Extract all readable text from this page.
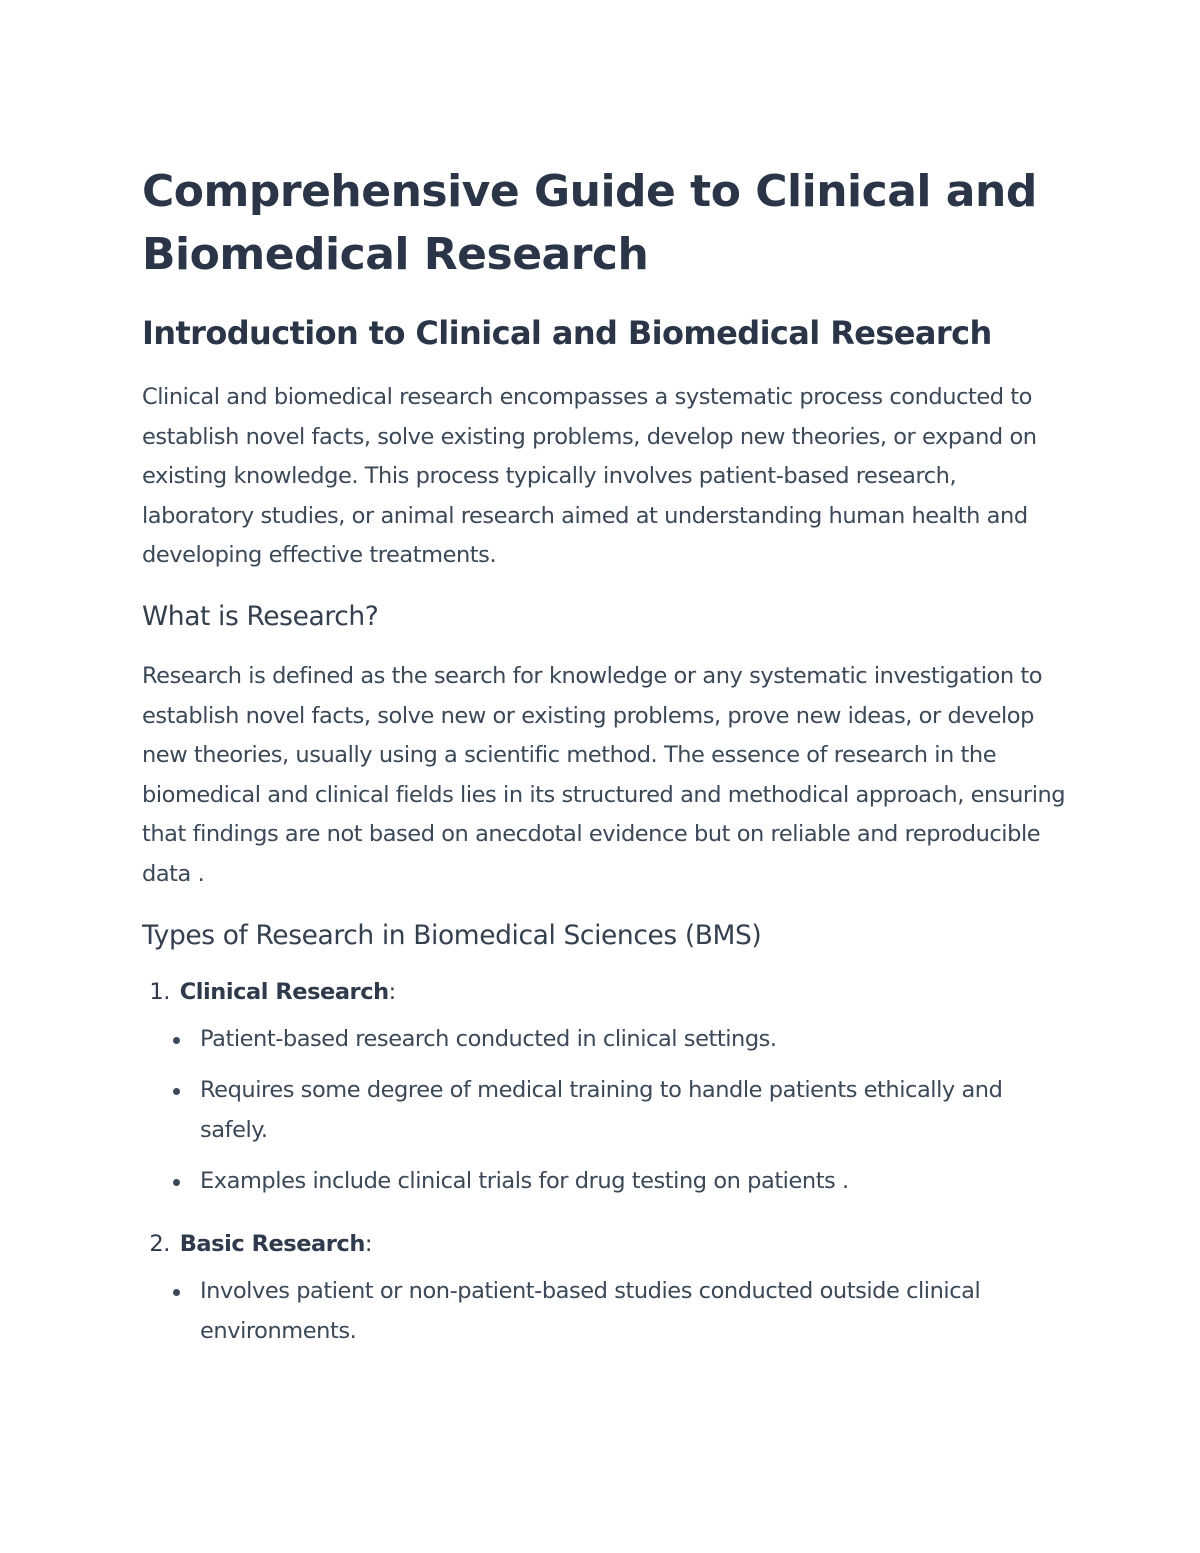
Comprehensive Guide to Clinical and Biomedical Research
Introduction to Clinical and Biomedical Research

Clinical and biomedical research encompasses a systematic process conducted to establish novel facts, solve existing problems, develop new theories, or expand on existing knowledge. This process typically involves patient-based research, laboratory studies, or animal research aimed at understanding human health and developing effective treatments.

What is Research?

Research is defined as the search for knowledge or any systematic investigation to establish novel facts, solve new or existing problems, prove new ideas, or develop new theories, usually using a scientific method. The essence of research in the biomedical and clinical fields lies in its structured and methodical approach, ensuring that findings are not based on anecdotal evidence but on reliable and reproducible data .

Types of Research in Biomedical Sciences (BMS)
1. Clinical Research:
Patient-based research conducted in clinical settings.
Requires some degree of medical training to handle patients ethically and safely.
Examples include clinical trials for drug testing on patients .
2. Basic Research:
Involves patient or non-patient-based studies conducted outside clinical environments.
